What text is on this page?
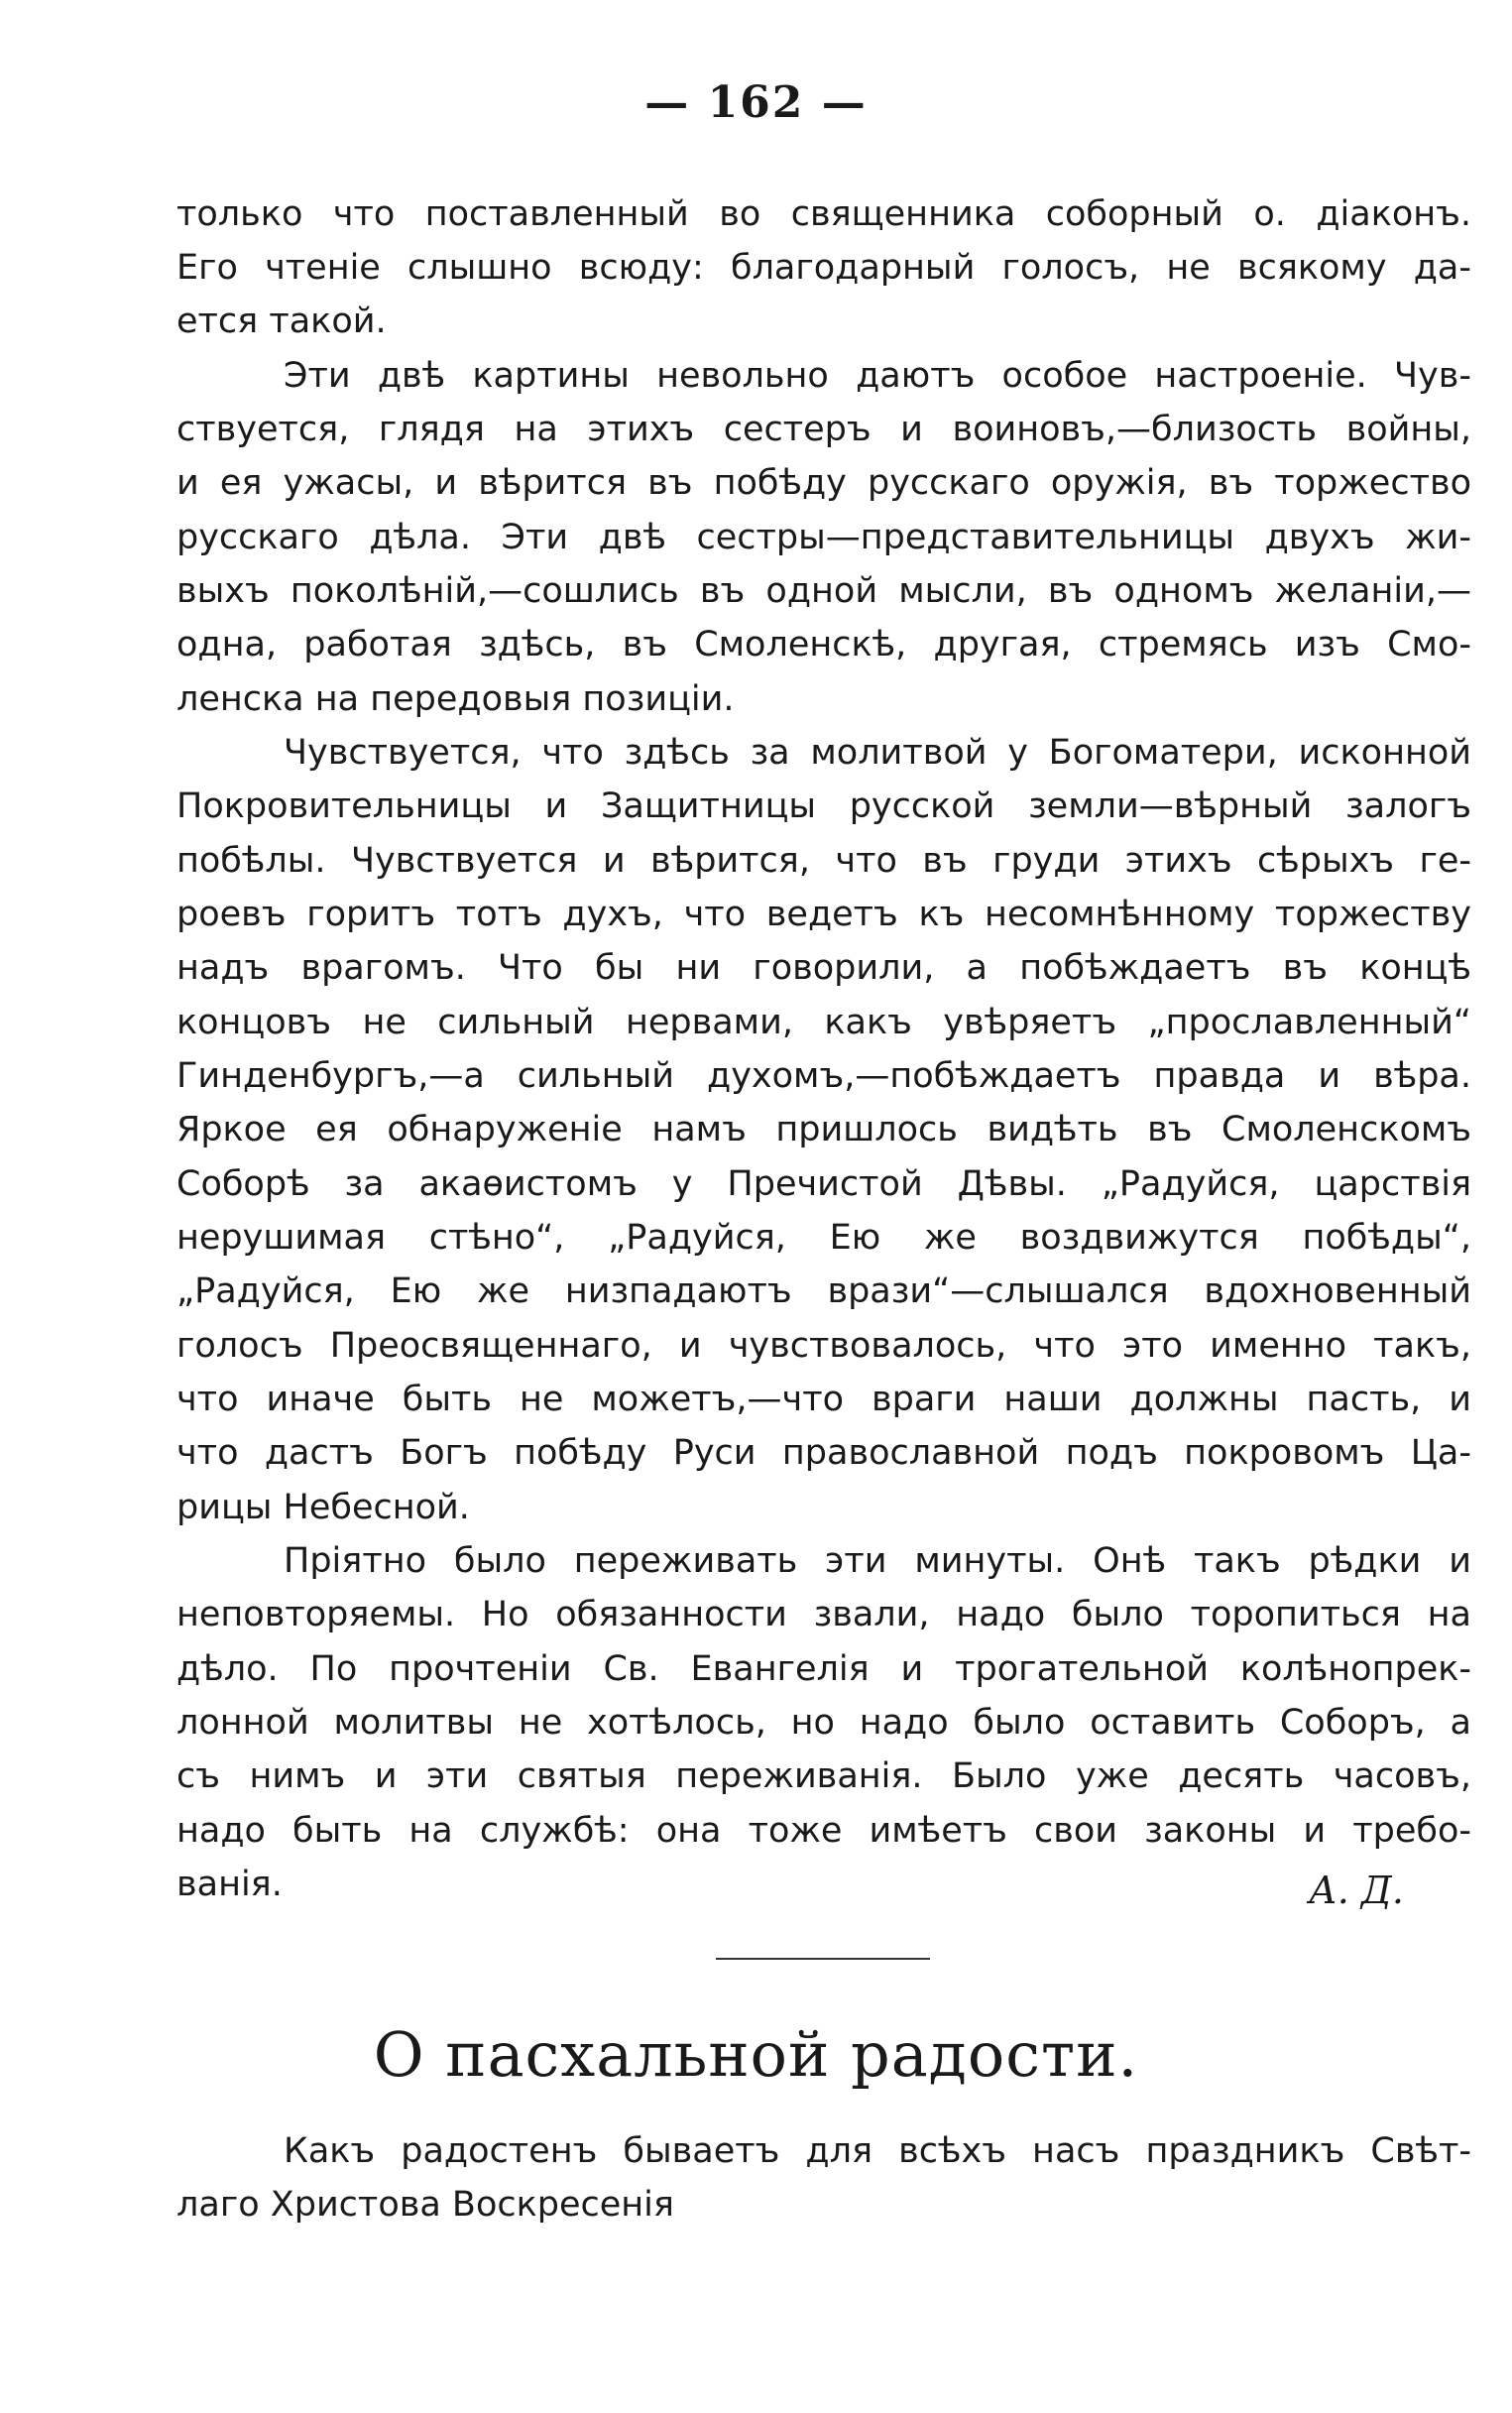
— 162 —
только что поставленный во священника соборный о. діаконъ.
Его чтеніе слышно всюду: благодарный голосъ, не всякому да-
ется такой.
Эти двѣ картины невольно даютъ особое настроеніе. Чув-
ствуется, глядя на этихъ сестеръ и воиновъ,—близость войны,
и ея ужасы, и вѣрится въ побѣду русскаго оружія, въ торжество
русскаго дѣла. Эти двѣ сестры—представительницы двухъ жи-
выхъ поколѣній,—сошлись въ одной мысли, въ одномъ желаніи,—
одна, работая здѣсь, въ Смоленскѣ, другая, стремясь изъ Смо-
ленска на передовыя позиціи.
Чувствуется, что здѣсь за молитвой у Богоматери, исконной
Покровительницы и Защитницы русской земли—вѣрный залогъ
побѣлы. Чувствуется и вѣрится, что въ груди этихъ сѣрыхъ ге-
роевъ горитъ тотъ духъ, что ведетъ къ несомнѣнному торжеству
надъ врагомъ. Что бы ни говорили, а побѣждаетъ въ концѣ
концовъ не сильный нервами, какъ увѣряетъ „прославленный“
Гинденбургъ,—а сильный духомъ,—побѣждаетъ правда и вѣра.
Яркое ея обнаруженіе намъ пришлось видѣть въ Смоленскомъ
Соборѣ за акаѳистомъ у Пречистой Дѣвы. „Радуйся, царствія
нерушимая стѣно“, „Радуйся, Ею же воздвижутся побѣды“,
„Радуйся, Ею же низпадаютъ врази“—слышался вдохновенный
голосъ Преосвященнаго, и чувствовалось, что это именно такъ,
что иначе быть не можетъ,—что враги наши должны пасть, и
что дастъ Богъ побѣду Руси православной подъ покровомъ Ца-
рицы Небесной.
Пріятно было переживать эти минуты. Онѣ такъ рѣдки и
неповторяемы. Но обязанности звали, надо было торопиться на
дѣло. По прочтеніи Св. Евангелія и трогательной колѣнопрек-
лонной молитвы не хотѣлось, но надо было оставить Соборъ, а
съ нимъ и эти святыя переживанія. Было уже десять часовъ,
надо быть на службѣ: она тоже имѣетъ свои законы и требо-
ванія.	А. Д.
О пасхальной радости.
Какъ радостенъ бываетъ для всѣхъ насъ праздникъ Свѣт-
лаго Христова Воскресенія
